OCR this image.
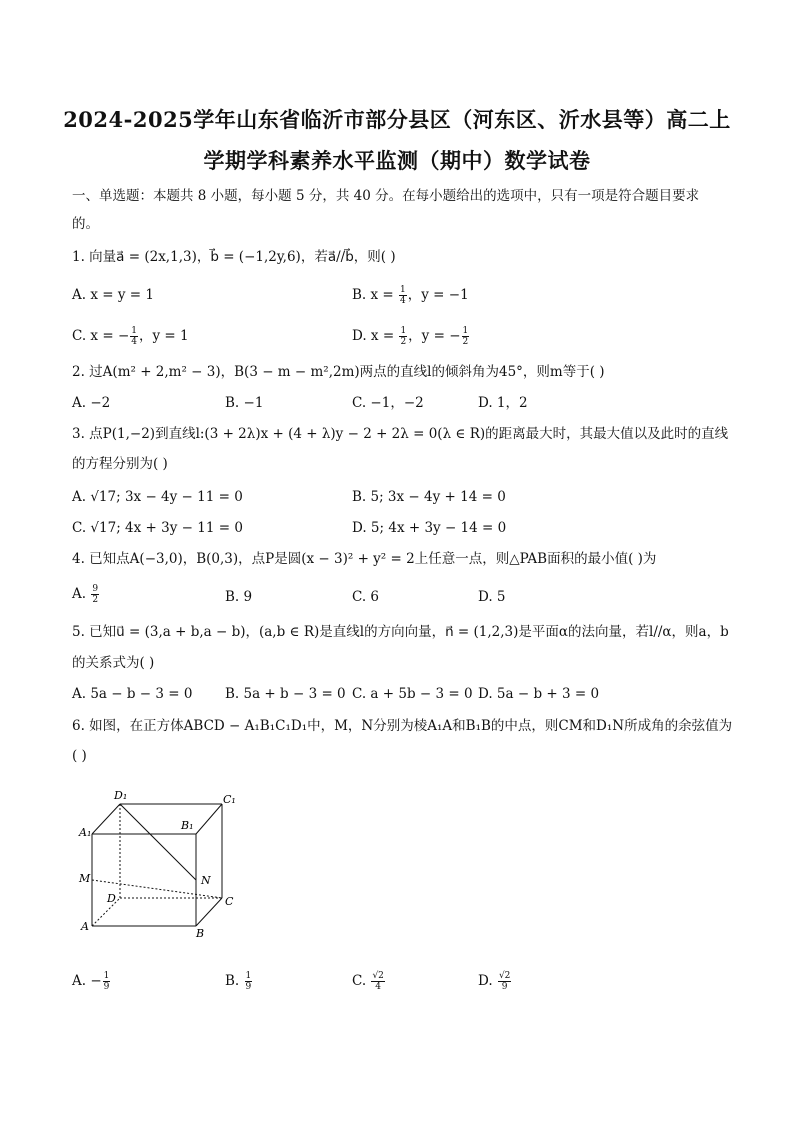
2024-2025学年山东省临沂市部分县区（河东区、沂水县等）高二上
学期学科素养水平监测（期中）数学试卷
一、单选题：本题共 8 小题，每小题 5 分，共 40 分。在每小题给出的选项中，只有一项是符合题目要求
的。
1. 向量a⃗ = (2x,1,3)，b⃗ = (−1,2y,6)，若a⃗//b⃗，则( )
A. x = y = 1	B. $x = \frac{1}{4}$ ，y = −1
C. x = − $\frac{1}{4}$ ，y = 1	D. $x = \frac{1}{2}$ ，y = − $\frac{1}{2}$
2. 过A(m² + 2,m² − 3)，B(3 − m − m²,2m)两点的直线l的倾斜角为45°，则m等于( )
A. −2	B. −1	C. −1，−2	D. 1，2
3. 点P(1,−2)到直线l:(3 + 2λ)x + (4 + λ)y − 2 + 2λ = 0(λ ∈ R)的距离最大时，其最大值以及此时的直线
的方程分别为( )
A. √17; 3x − 4y − 11 = 0	B. 5; 3x − 4y + 14 = 0
C. √17; 4x + 3y − 11 = 0	D. 5; 4x + 3y − 14 = 0
4. 已知点A(−3,0)，B(0,3)，点P是圆(x − 3)² + y² = 2上任意一点，则△PAB面积的最小值( )为
A. $\frac{9}{2}$	B. 9	C. 6	D. 5
5. 已知u⃗ = (3,a + b,a − b)，(a,b ∈ R)是直线l的方向向量，n⃗ = (1,2,3)是平面α的法向量，若l//α，则a，b
的关系式为( )
A. 5a − b − 3 = 0 B. 5a + b − 3 = 0 C. a + 5b − 3 = 0 D. 5a − b + 3 = 0
6. 如图，在正方体ABCD − A₁B₁C₁D₁中，M，N分别为棱A₁A和B₁B的中点，则CM和D₁N所成角的余弦值为
( )
D₁	C₁
A₁
B₁
M	N
D	C
A
B
A. − $\frac{1}{9}$	B. $\frac{1}{9}$	C. $\frac{√2}{4}$	D. $\frac{√2}{9}$
